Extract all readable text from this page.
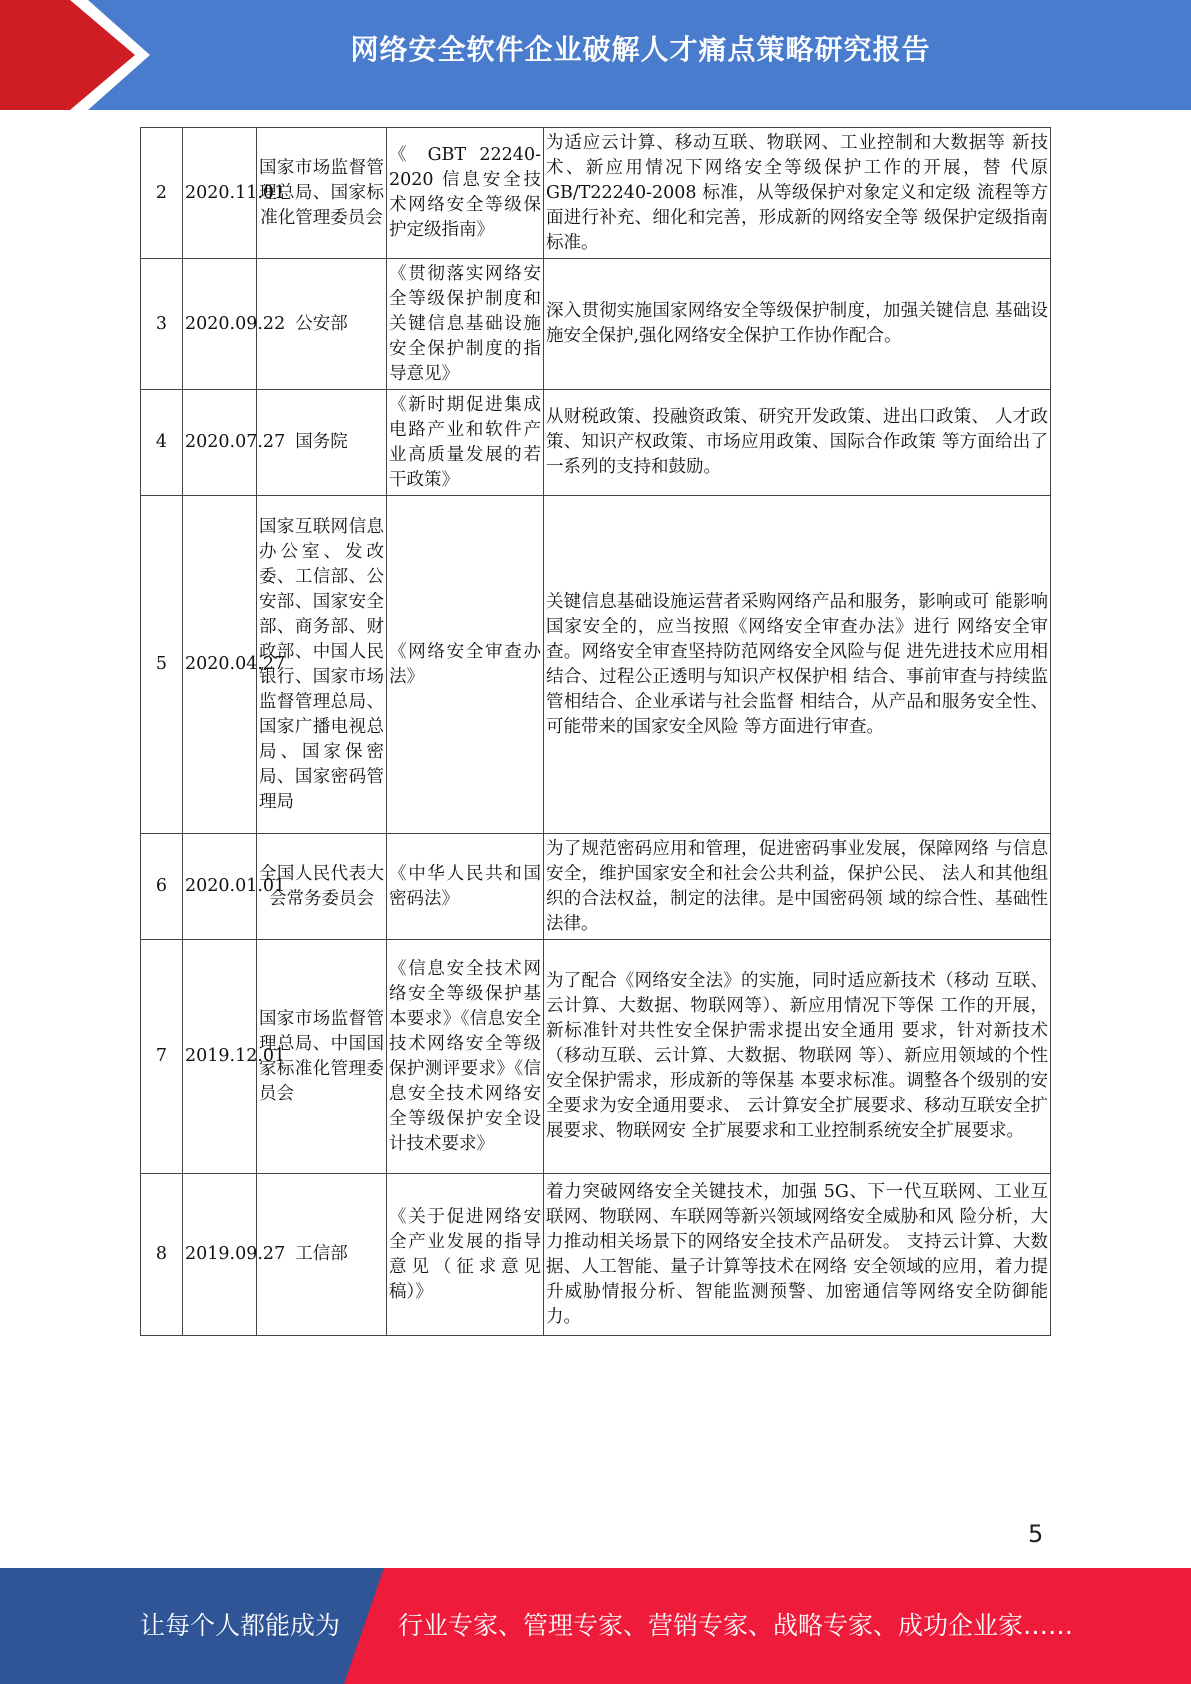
网络安全软件企业破解人才痛点策略研究报告
2	2020.11.01	国家市场监督管理总局、国家标准化管理委员会	《 GBT 22240-2020 信息安全技术网络安全等级保护定级指南》	为适应云计算、移动互联、物联网、工业控制和大数据等 新技术、新应用情况下网络安全等级保护工作的开展，替 代原 GB/T22240-2008 标准，从等级保护对象定义和定级 流程等方面进行补充、细化和完善，形成新的网络安全等 级保护定级指南标准。
3	2020.09.22	公安部	《贯彻落实网络安全等级保护制度和关键信息基础设施安全保护制度的指导意见》	深入贯彻实施国家网络安全等级保护制度，加强关键信息 基础设施安全保护,强化网络安全保护工作协作配合。
4	2020.07.27	国务院	《新时期促进集成电路产业和软件产业高质量发展的若干政策》	从财税政策、投融资政策、研究开发政策、进出口政策、 人才政策、知识产权政策、市场应用政策、国际合作政策 等方面给出了一系列的支持和鼓励。
5	2020.04.27	国家互联网信息办公室、发改委、工信部、公安部、国家安全部、商务部、财政部、中国人民银行、国家市场监督管理总局、国家广播电视总局、国家保密局、国家密码管理局	《网络安全审查办法》	关键信息基础设施运营者采购网络产品和服务，影响或可 能影响国家安全的，应当按照《网络安全审查办法》进行 网络安全审查。网络安全审查坚持防范网络安全风险与促 进先进技术应用相结合、过程公正透明与知识产权保护相 结合、事前审查与持续监管相结合、企业承诺与社会监督 相结合，从产品和服务安全性、可能带来的国家安全风险 等方面进行审查。
6	2020.01.01	全国人民代表大会常务委员会	《中华人民共和国密码法》	为了规范密码应用和管理，促进密码事业发展，保障网络 与信息安全，维护国家安全和社会公共利益，保护公民、 法人和其他组织的合法权益，制定的法律。是中国密码领 域的综合性、基础性法律。
7	2019.12.01	国家市场监督管理总局、中国国家标准化管理委员会	《信息安全技术网络安全等级保护基本要求》《信息安全技术网络安全等级保护测评要求》《信息安全技术网络安全等级保护安全设计技术要求》	为了配合《网络安全法》的实施，同时适应新技术（移动 互联、云计算、大数据、物联网等）、新应用情况下等保 工作的开展，新标准针对共性安全保护需求提出安全通用 要求，针对新技术（移动互联、云计算、大数据、物联网 等）、新应用领域的个性安全保护需求，形成新的等保基 本要求标准。调整各个级别的安全要求为安全通用要求、 云计算安全扩展要求、移动互联安全扩展要求、物联网安 全扩展要求和工业控制系统安全扩展要求。
8	2019.09.27	工信部	《关于促进网络安全产业发展的指导意见（征求意见稿）》	着力突破网络安全关键技术，加强 5G、下一代互联网、工业互联网、物联网、车联网等新兴领域网络安全威胁和风 险分析，大力推动相关场景下的网络安全技术产品研发。 支持云计算、大数据、人工智能、量子计算等技术在网络 安全领域的应用，着力提升威胁情报分析、智能监测预警、加密通信等网络安全防御能力。
5
让每个人都能成为 行业专家、管理专家、营销专家、战略专家、成功企业家……
